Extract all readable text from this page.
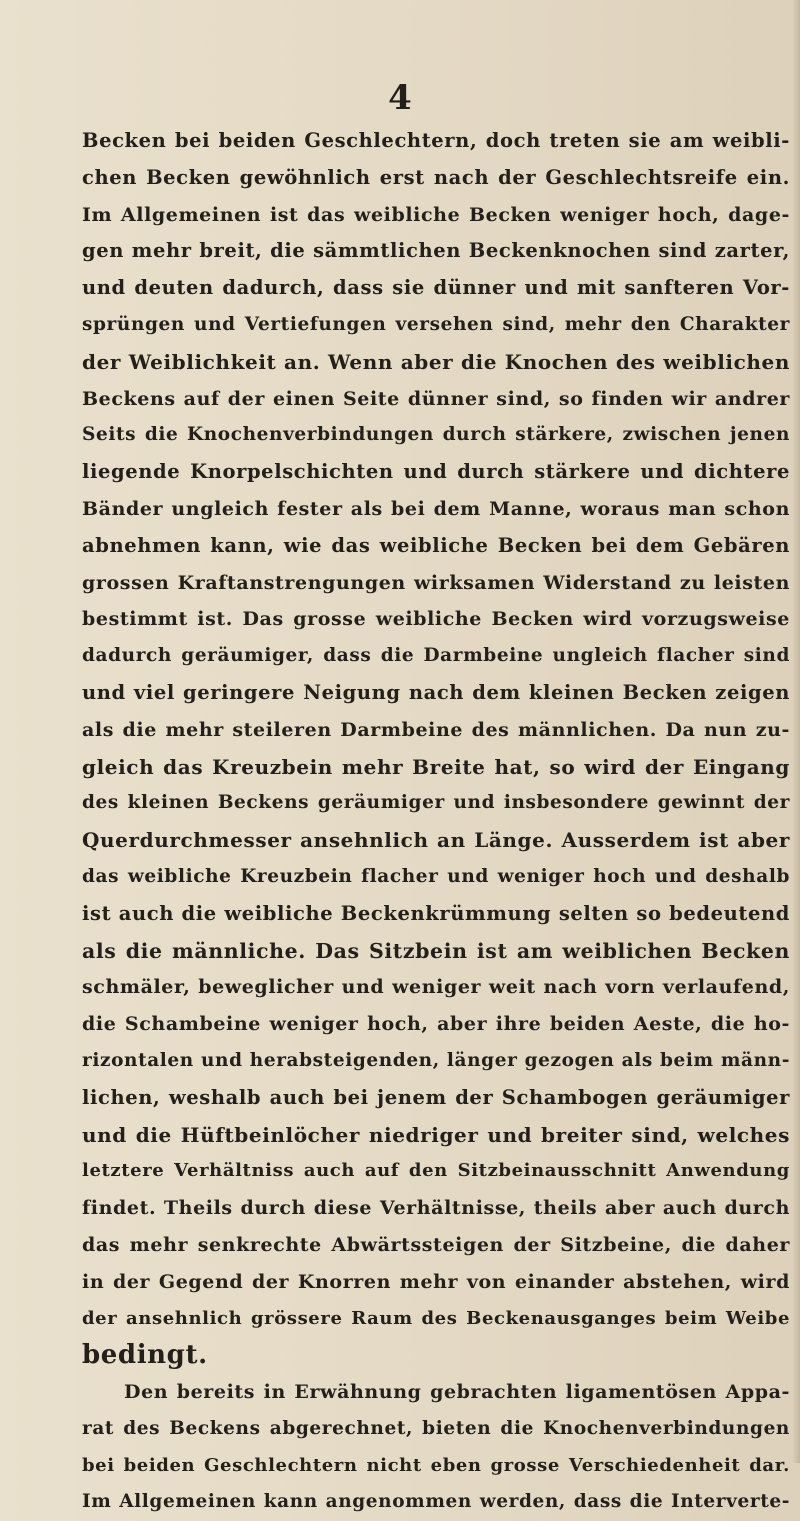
4
Becken bei beiden Geschlechtern, doch treten sie am weibli-
chen Becken gewöhnlich erst nach der Geschlechtsreife ein.
Im Allgemeinen ist das weibliche Becken weniger hoch, dage-
gen mehr breit, die sämmtlichen Beckenknochen sind zarter,
und deuten dadurch, dass sie dünner und mit sanfteren Vor-
sprüngen und Vertiefungen versehen sind, mehr den Charakter
der Weiblichkeit an. Wenn aber die Knochen des weiblichen
Beckens auf der einen Seite dünner sind, so finden wir andrer
Seits die Knochenverbindungen durch stärkere, zwischen jenen
liegende Knorpelschichten und durch stärkere und dichtere
Bänder ungleich fester als bei dem Manne, woraus man schon
abnehmen kann, wie das weibliche Becken bei dem Gebären
grossen Kraftanstrengungen wirksamen Widerstand zu leisten
bestimmt ist. Das grosse weibliche Becken wird vorzugsweise
dadurch geräumiger, dass die Darmbeine ungleich flacher sind
und viel geringere Neigung nach dem kleinen Becken zeigen
als die mehr steileren Darmbeine des männlichen. Da nun zu-
gleich das Kreuzbein mehr Breite hat, so wird der Eingang
des kleinen Beckens geräumiger und insbesondere gewinnt der
Querdurchmesser ansehnlich an Länge. Ausserdem ist aber
das weibliche Kreuzbein flacher und weniger hoch und deshalb
ist auch die weibliche Beckenkrümmung selten so bedeutend
als die männliche. Das Sitzbein ist am weiblichen Becken
schmäler, beweglicher und weniger weit nach vorn verlaufend,
die Schambeine weniger hoch, aber ihre beiden Aeste, die ho-
rizontalen und herabsteigenden, länger gezogen als beim männ-
lichen, weshalb auch bei jenem der Schambogen geräumiger
und die Hüftbeinlöcher niedriger und breiter sind, welches
letztere Verhältniss auch auf den Sitzbeinausschnitt Anwendung
findet. Theils durch diese Verhältnisse, theils aber auch durch
das mehr senkrechte Abwärtssteigen der Sitzbeine, die daher
in der Gegend der Knorren mehr von einander abstehen, wird
der ansehnlich grössere Raum des Beckenausganges beim Weibe
bedingt.
Den bereits in Erwähnung gebrachten ligamentösen Appa-
rat des Beckens abgerechnet, bieten die Knochenverbindungen
bei beiden Geschlechtern nicht eben grosse Verschiedenheit dar.
Im Allgemeinen kann angenommen werden, dass die Interverte-
